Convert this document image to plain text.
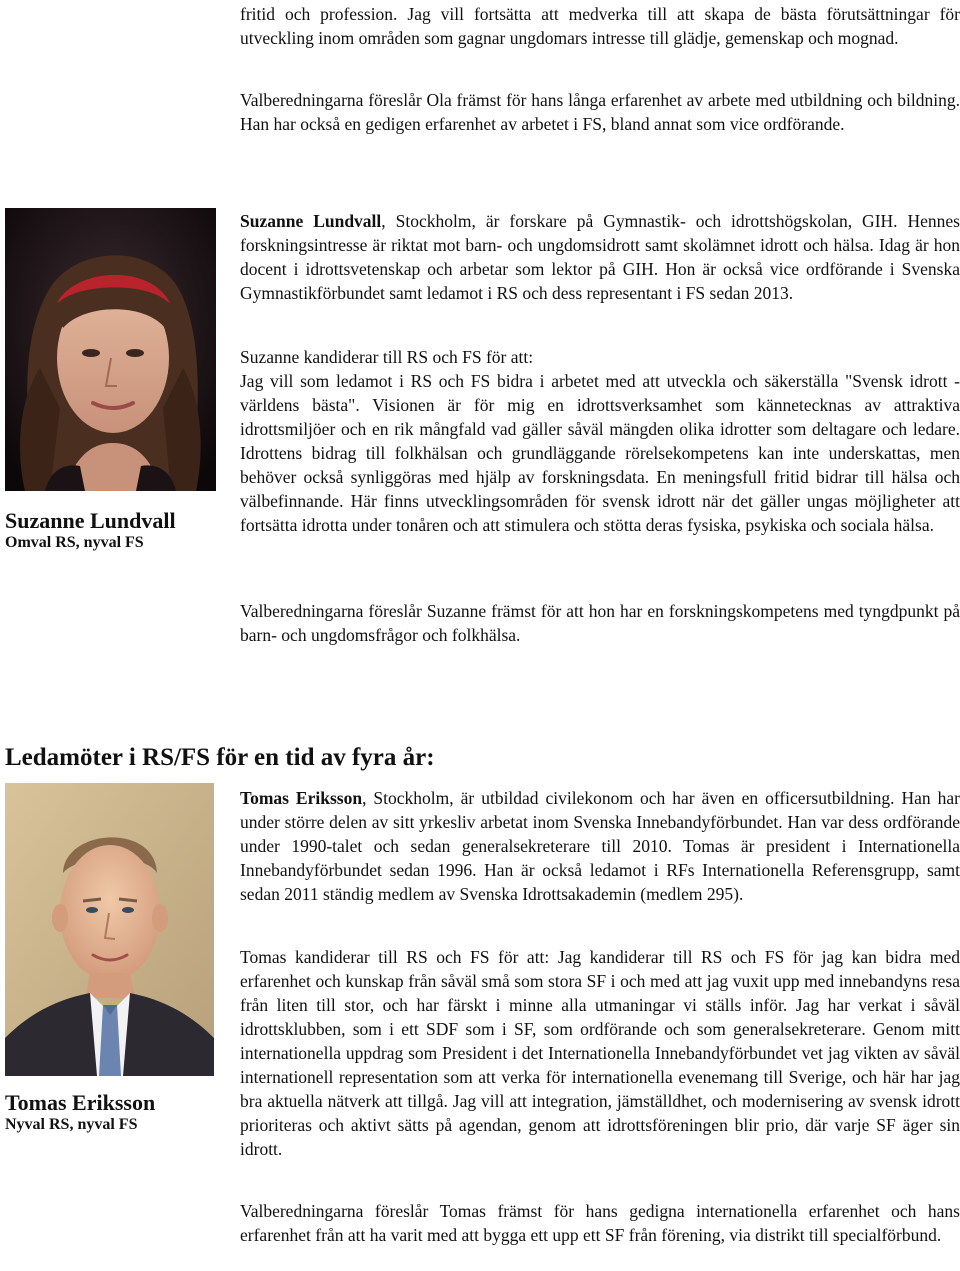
fritid och profession. Jag vill fortsätta att medverka till att skapa de bästa förutsättningar för utveckling inom områden som gagnar ungdomars intresse till glädje, gemenskap och mognad.

Valberedningarna föreslår Ola främst för hans långa erfarenhet av arbete med utbildning och bildning. Han har också en gedigen erfarenhet av arbetet i FS, bland annat som vice ordförande.

Suzanne Lundvall
Omval RS, nyval FS

Suzanne Lundvall, Stockholm, är forskare på Gymnastik- och idrottshögskolan, GIH. Hennes forskningsintresse är riktat mot barn- och ungdomsidrott samt skolämnet idrott och hälsa. Idag är hon docent i idrottsvetenskap och arbetar som lektor på GIH. Hon är också vice ordförande i Svenska Gymnastikförbundet samt ledamot i RS och dess representant i FS sedan 2013.

Suzanne kandiderar till RS och FS för att:

Jag vill som ledamot i RS och FS bidra i arbetet med att utveckla och säkerställa "Svensk idrott - världens bästa". Visionen är för mig en idrottsverksamhet som kännetecknas av attraktiva idrottsmiljöer och en rik mångfald vad gäller såväl mängden olika idrotter som deltagare och ledare. Idrottens bidrag till folkhälsan och grundläggande rörelsekompetens kan inte underskattas, men behöver också synliggöras med hjälp av forskningsdata. En meningsfull fritid bidrar till hälsa och välbefinnande. Här finns utvecklingsområden för svensk idrott när det gäller ungas möjligheter att fortsätta idrotta under tonåren och att stimulera och stötta deras fysiska, psykiska och sociala hälsa.

Valberedningarna föreslår Suzanne främst för att hon har en forskningskompetens med tyngdpunkt på barn- och ungdomsfrågor och folkhälsa.

Ledamöter i RS/FS för en tid av fyra år:
Tomas Eriksson
Nyval RS, nyval FS

Tomas Eriksson, Stockholm, är utbildad civilekonom och har även en officersutbildning. Han har under större delen av sitt yrkesliv arbetat inom Svenska Innebandyförbundet. Han var dess ordförande under 1990-talet och sedan generalsekreterare till 2010. Tomas är president i Internationella Innebandyförbundet sedan 1996. Han är också ledamot i RFs Internationella Referensgrupp, samt sedan 2011 ständig medlem av Svenska Idrottsakademin (medlem 295).

Tomas kandiderar till RS och FS för att: Jag kandiderar till RS och FS för jag kan bidra med erfarenhet och kunskap från såväl små som stora SF i och med att jag vuxit upp med innebandyns resa från liten till stor, och har färskt i minne alla utmaningar vi ställs inför. Jag har verkat i såväl idrottsklubben, som i ett SDF som i SF, som ordförande och som generalsekreterare. Genom mitt internationella uppdrag som President i det Internationella Innebandyförbundet vet jag vikten av såväl internationell representation som att verka för internationella evenemang till Sverige, och här har jag bra aktuella nätverk att tillgå. Jag vill att integration, jämställdhet, och modernisering av svensk idrott prioriteras och aktivt sätts på agendan, genom att idrottsföreningen blir prio, där varje SF äger sin idrott.

Valberedningarna föreslår Tomas främst för hans gedigna internationella erfarenhet och hans erfarenhet från att ha varit med att bygga ett upp ett SF från förening, via distrikt till specialförbund.
